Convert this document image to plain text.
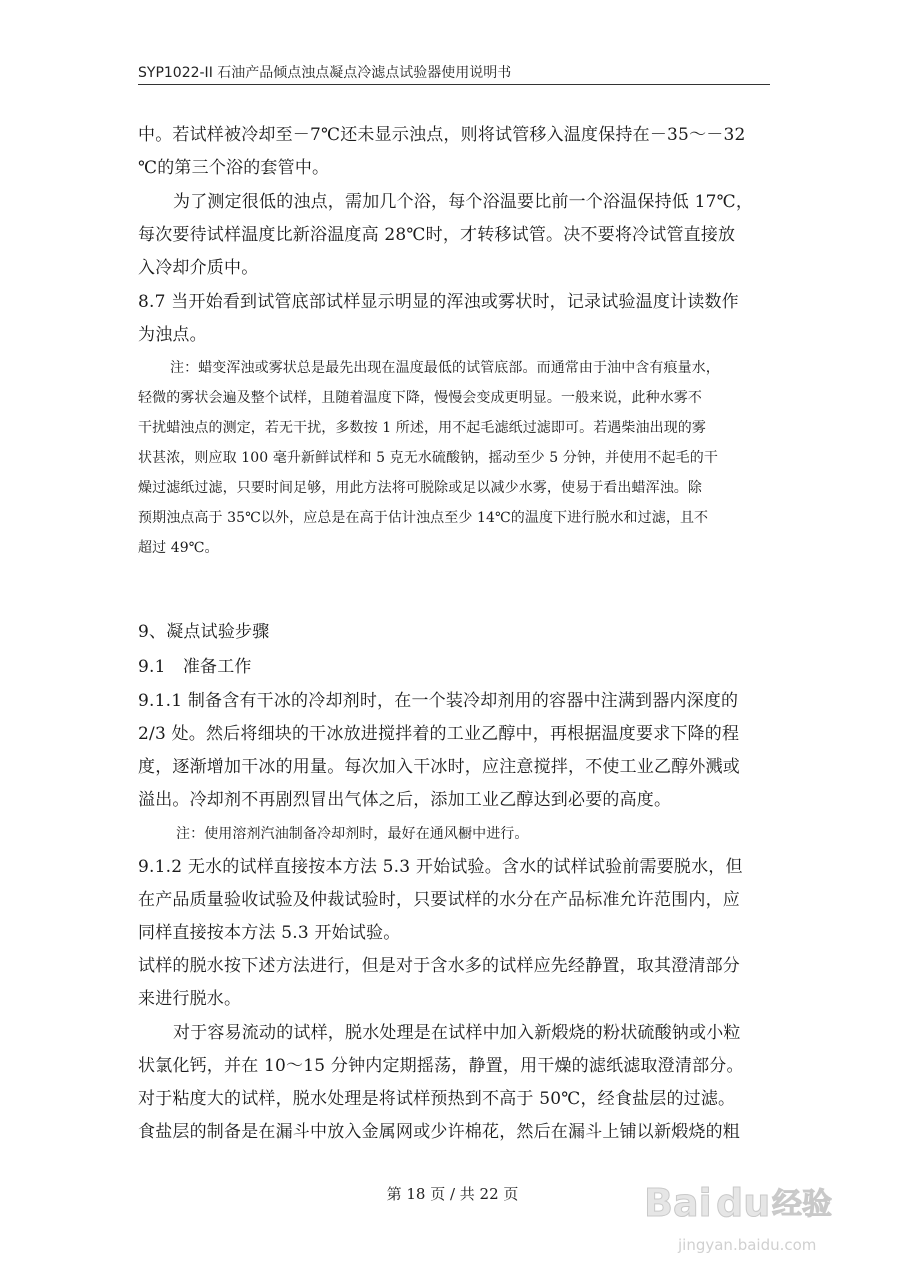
SYP1022-II 石油产品倾点浊点凝点冷滤点试验器使用说明书
中。若试样被冷却至－7℃还未显示浊点，则将试管移入温度保持在－35～－32
℃的第三个浴的套管中。
为了测定很低的浊点，需加几个浴，每个浴温要比前一个浴温保持低 17℃，
每次要待试样温度比新浴温度高 28℃时，才转移试管。决不要将冷试管直接放
入冷却介质中。
8.7 当开始看到试管底部试样显示明显的浑浊或雾状时，记录试验温度计读数作
为浊点。
注：蜡变浑浊或雾状总是最先出现在温度最低的试管底部。而通常由于油中含有痕量水，
轻微的雾状会遍及整个试样，且随着温度下降，慢慢会变成更明显。一般来说，此种水雾不
干扰蜡浊点的测定，若无干扰，多数按 1 所述，用不起毛滤纸过滤即可。若遇柴油出现的雾
状甚浓，则应取 100 毫升新鲜试样和 5 克无水硫酸钠，摇动至少 5 分钟，并使用不起毛的干
燥过滤纸过滤，只要时间足够，用此方法将可脱除或足以减少水雾，使易于看出蜡浑浊。除
预期浊点高于 35℃以外，应总是在高于估计浊点至少 14℃的温度下进行脱水和过滤，且不
超过 49℃。
9、凝点试验步骤
9.1　准备工作
9.1.1 制备含有干冰的冷却剂时，在一个装冷却剂用的容器中注满到器内深度的
2/3 处。然后将细块的干冰放进搅拌着的工业乙醇中，再根据温度要求下降的程
度，逐渐增加干冰的用量。每次加入干冰时，应注意搅拌，不使工业乙醇外溅或
溢出。冷却剂不再剧烈冒出气体之后，添加工业乙醇达到必要的高度。
注：使用溶剂汽油制备冷却剂时，最好在通风橱中进行。
9.1.2 无水的试样直接按本方法 5.3 开始试验。含水的试样试验前需要脱水，但
在产品质量验收试验及仲裁试验时，只要试样的水分在产品标准允许范围内，应
同样直接按本方法 5.3 开始试验。
试样的脱水按下述方法进行，但是对于含水多的试样应先经静置，取其澄清部分
来进行脱水。
对于容易流动的试样，脱水处理是在试样中加入新煅烧的粉状硫酸钠或小粒
状氯化钙，并在 10～15 分钟内定期摇荡，静置，用干燥的滤纸滤取澄清部分。
对于粘度大的试样，脱水处理是将试样预热到不高于 50℃，经食盐层的过滤。
食盐层的制备是在漏斗中放入金属网或少许棉花，然后在漏斗上铺以新煅烧的粗
第 18 页 / 共 22 页	Bai du 经验
jingyan.baidu.com
